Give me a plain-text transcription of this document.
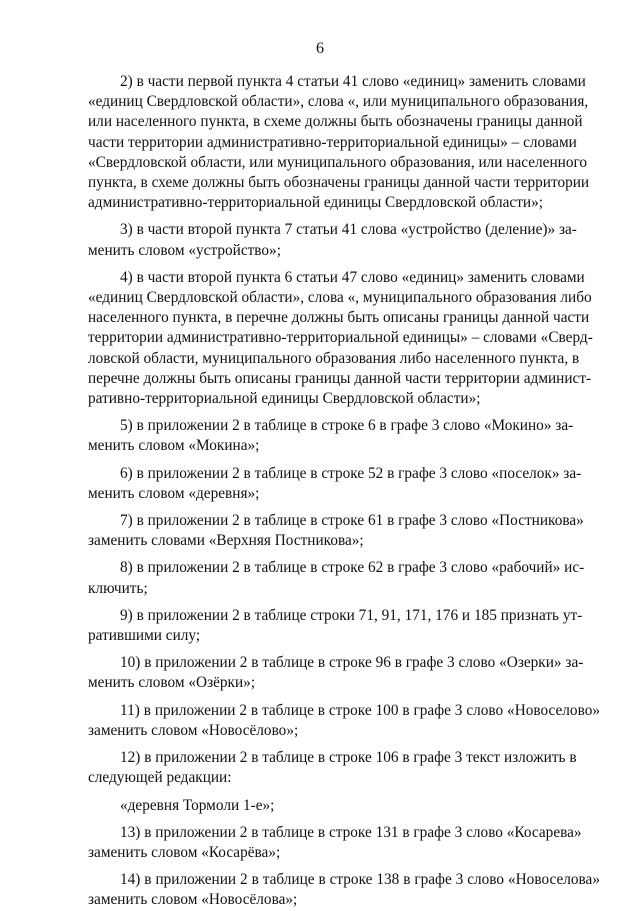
6

2) в части первой пункта 4 статьи 41 слово «единиц» заменить словами
«единиц Свердловской области», слова «, или муниципального образования,
или населенного пункта, в схеме должны быть обозначены границы данной
части территории административно-территориальной единицы» – словами
«Свердловской области, или муниципального образования, или населенного
пункта, в схеме должны быть обозначены границы данной части территории
административно-территориальной единицы Свердловской области»;

3) в части второй пункта 7 статьи 41 слова «устройство (деление)» за-
менить словом «устройство»;

4) в части второй пункта 6 статьи 47 слово «единиц» заменить словами
«единиц Свердловской области», слова «, муниципального образования либо
населенного пункта, в перечне должны быть описаны границы данной части
территории административно-территориальной единицы» – словами «Сверд-
ловской области, муниципального образования либо населенного пункта, в
перечне должны быть описаны границы данной части территории админист-
ративно-территориальной единицы Свердловской области»;

5) в приложении 2 в таблице в строке 6 в графе 3 слово «Мокино» за-
менить словом «Мокина»;

6) в приложении 2 в таблице в строке 52 в графе 3 слово «поселок» за-
менить словом «деревня»;

7) в приложении 2 в таблице в строке 61 в графе 3 слово «Постникова»
заменить словами «Верхняя Постникова»;

8) в приложении 2 в таблице в строке 62 в графе 3 слово «рабочий» ис-
ключить;

9) в приложении 2 в таблице строки 71, 91, 171, 176 и 185 признать ут-
ратившими силу;

10) в приложении 2 в таблице в строке 96 в графе 3 слово «Озерки» за-
менить словом «Озёрки»;

11) в приложении 2 в таблице в строке 100 в графе 3 слово «Новоселово» заменить словом «Новосёлово»;

12) в приложении 2 в таблице в строке 106 в графе 3 текст изложить в
следующей редакции:

«деревня Тормоли 1-е»;

13) в приложении 2 в таблице в строке 131 в графе 3 слово «Косарева»
заменить словом «Косарёва»;

14) в приложении 2 в таблице в строке 138 в графе 3 слово «Новоселова» заменить словом «Новосёлова»;
